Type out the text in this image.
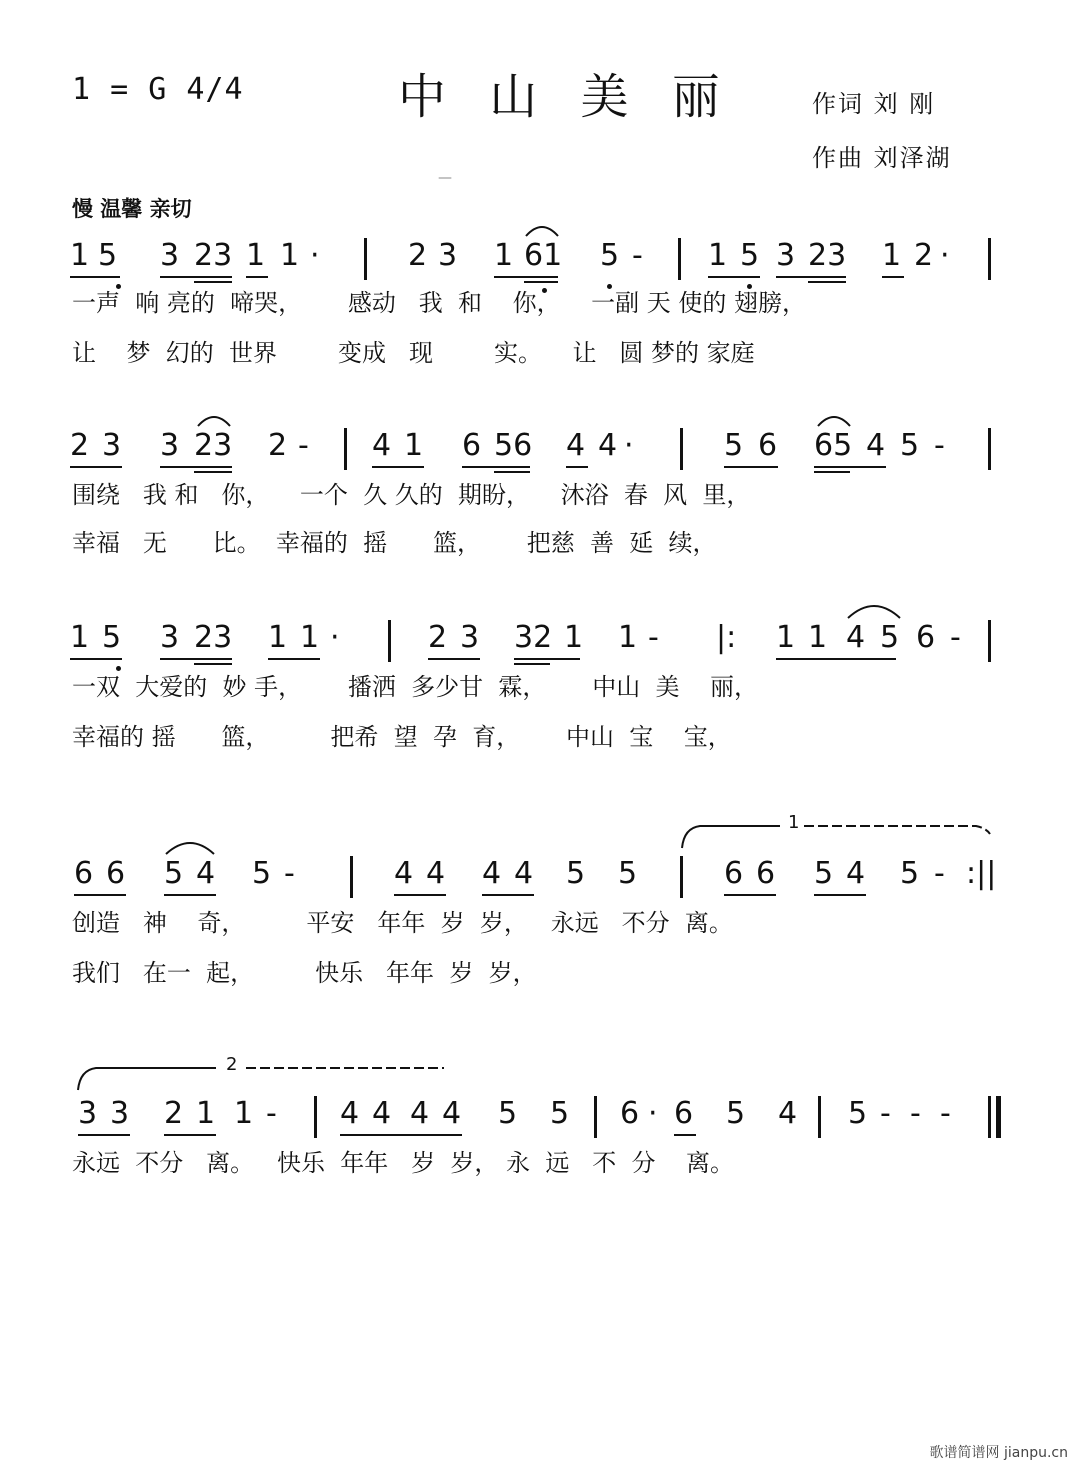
1 = G 4/4	中 山 美 丽	作词 刘 刚
作曲 刘泽湖
—
慢 温馨 亲切
1 5 3 23 1 1 ·	2 3 1 61 5 - 1 5 3 23 1 2 ·
一声  响 亮的  啼哭，      感动   我  和    你，    一副 天 使的 翅膀，
让    梦  幻的  世界        变成   现        实。    让   圆 梦的 家庭
2 3 3 23 2 - 4 1 6 56 4 4 ·	5 6 65 4 5 -
围绕   我 和   你，    一个  久 久的  期盼，    沐浴  春  风  里，
幸福   无      比。  幸福的  摇      篮，      把慈  善  延  续，
1 5 3 23 1 1 ·	2 3 32 1 1 - |: 1 1 4 5 6 -
一双  大爱的  妙 手，      播洒  多少甘  霖，      中山  美    丽，
幸福的 摇      篮，        把希  望  孕  育，      中山  宝    宝，
1
6 6 5 4 5 -	4 4 4 4 5 5	6 6 5 4 5 - :||
创造   神    奇，        平安   年年  岁  岁，   永远   不分  离。
我们   在一  起，        快乐   年年  岁  岁，
2
3 3 2 1 1 - 4 4 4 4 5 5 6 · 6 5 4 5 - - -
永远  不分   离。   快乐  年年   岁  岁， 永  远   不  分    离。
歌谱简谱网 jianpu.cn
